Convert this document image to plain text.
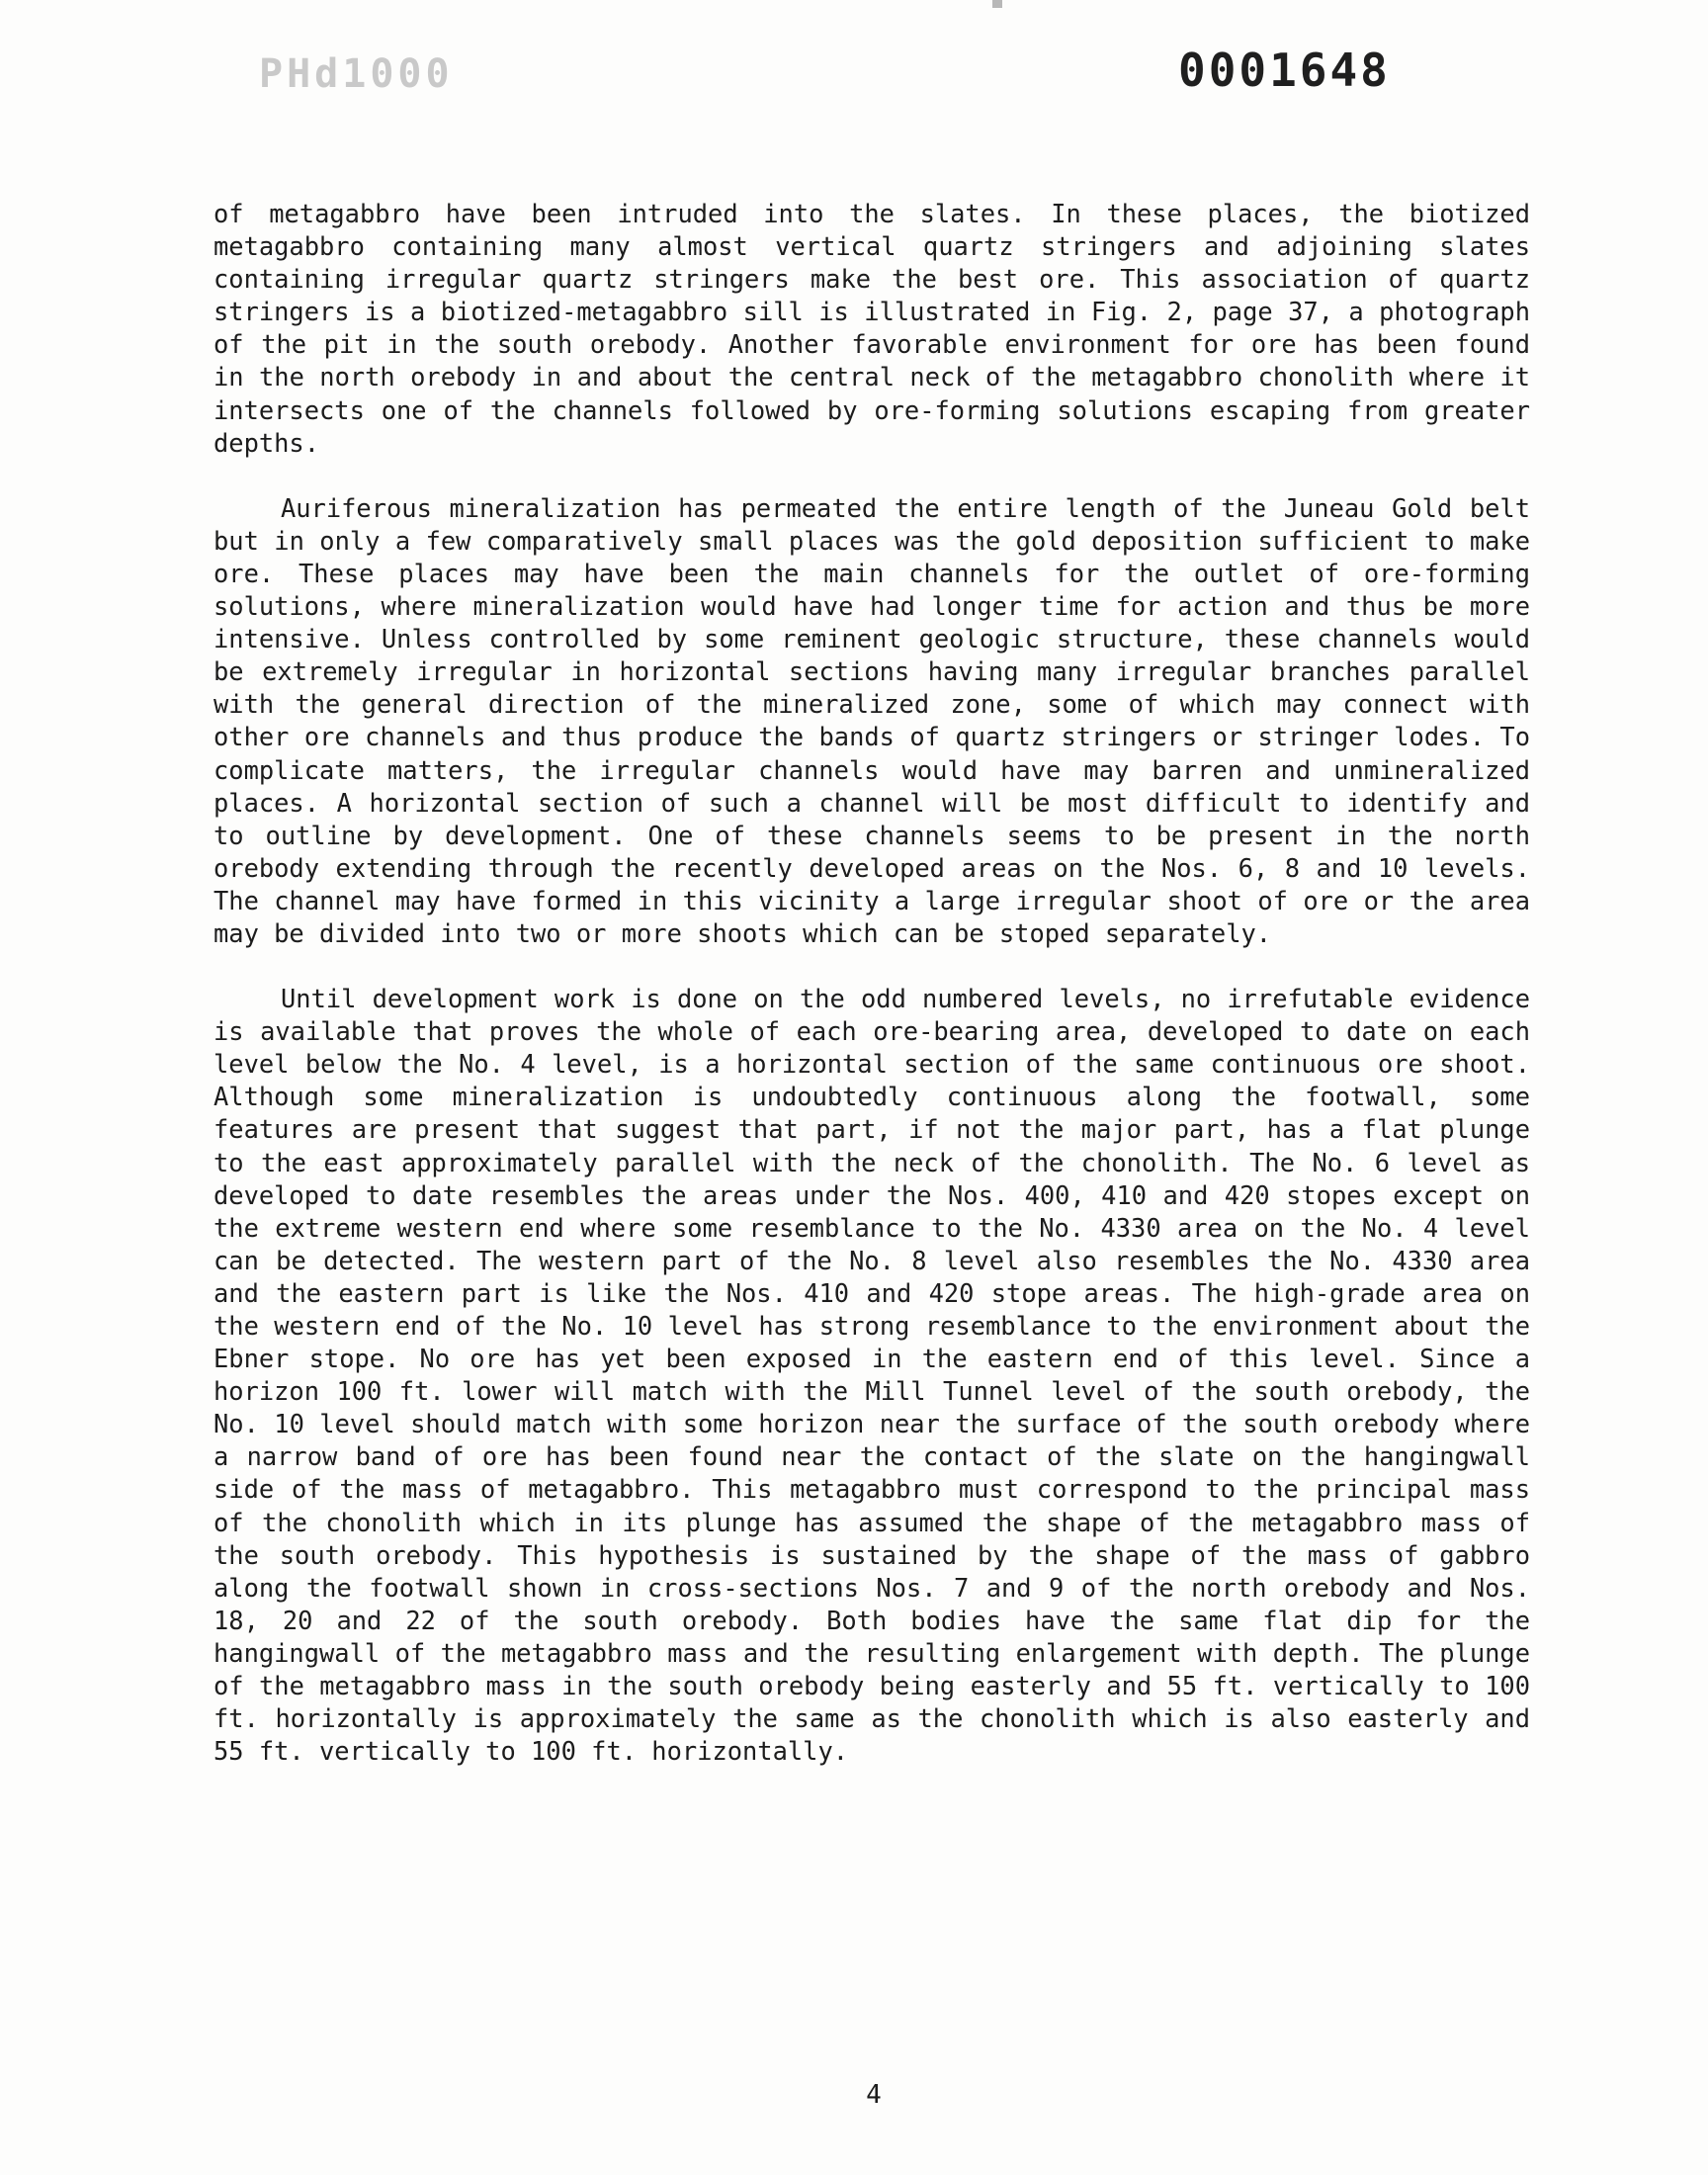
PHd1000	0001648

of metagabbro have been intruded into the slates. In these places, the biotized metagabbro containing many almost vertical quartz stringers and adjoining slates containing irregular quartz stringers make the best ore. This association of quartz stringers is a biotized-metagabbro sill is illustrated in Fig. 2, page 37, a photograph of the pit in the south orebody. Another favorable environment for ore has been found in the north orebody in and about the central neck of the metagabbro chonolith where it intersects one of the channels followed by ore-forming solutions escaping from greater depths.

Auriferous mineralization has permeated the entire length of the Juneau Gold belt but in only a few comparatively small places was the gold deposition sufficient to make ore. These places may have been the main channels for the outlet of ore-forming solutions, where mineralization would have had longer time for action and thus be more intensive. Unless controlled by some reminent geologic structure, these channels would be extremely irregular in horizontal sections having many irregular branches parallel with the general direction of the mineralized zone, some of which may connect with other ore channels and thus produce the bands of quartz stringers or stringer lodes. To complicate matters, the irregular channels would have may barren and unmineralized places. A horizontal section of such a channel will be most difficult to identify and to outline by development. One of these channels seems to be present in the north orebody extending through the recently developed areas on the Nos. 6, 8 and 10 levels. The channel may have formed in this vicinity a large irregular shoot of ore or the area may be divided into two or more shoots which can be stoped separately.

Until development work is done on the odd numbered levels, no irrefutable evidence is available that proves the whole of each ore-bearing area, developed to date on each level below the No. 4 level, is a horizontal section of the same continuous ore shoot. Although some mineralization is undoubtedly continuous along the footwall, some features are present that suggest that part, if not the major part, has a flat plunge to the east approximately parallel with the neck of the chonolith. The No. 6 level as developed to date resembles the areas under the Nos. 400, 410 and 420 stopes except on the extreme western end where some resemblance to the No. 4330 area on the No. 4 level can be detected. The western part of the No. 8 level also resembles the No. 4330 area and the eastern part is like the Nos. 410 and 420 stope areas. The high-grade area on the western end of the No. 10 level has strong resemblance to the environment about the Ebner stope. No ore has yet been exposed in the eastern end of this level. Since a horizon 100 ft. lower will match with the Mill Tunnel level of the south orebody, the No. 10 level should match with some horizon near the surface of the south orebody where a narrow band of ore has been found near the contact of the slate on the hangingwall side of the mass of metagabbro. This metagabbro must correspond to the principal mass of the chonolith which in its plunge has assumed the shape of the metagabbro mass of the south orebody. This hypothesis is sustained by the shape of the mass of gabbro along the footwall shown in cross-sections Nos. 7 and 9 of the north orebody and Nos. 18, 20 and 22 of the south orebody. Both bodies have the same flat dip for the hangingwall of the metagabbro mass and the resulting enlargement with depth. The plunge of the metagabbro mass in the south orebody being easterly and 55 ft. vertically to 100 ft. horizontally is approximately the same as the chonolith which is also easterly and 55 ft. vertically to 100 ft. horizontally.

4
